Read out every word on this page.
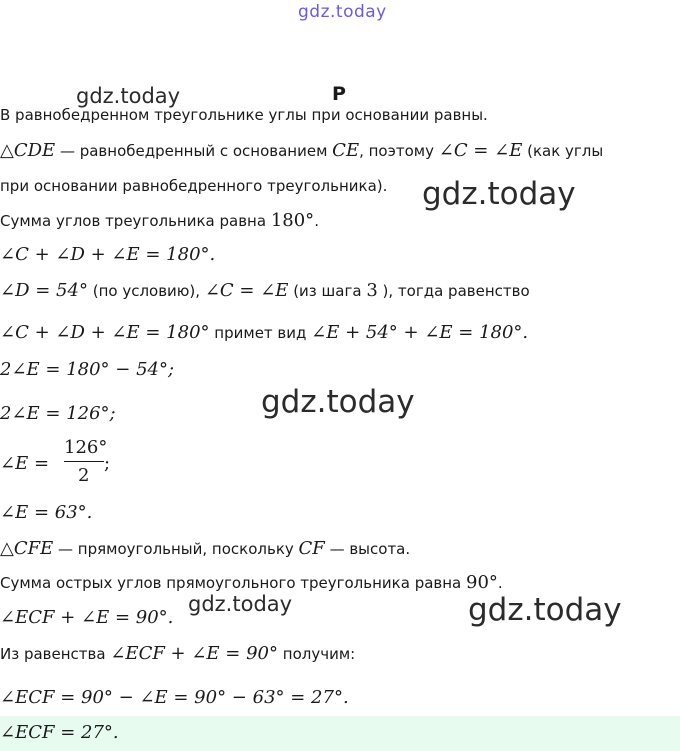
gdz.today
gdz.today
gdz.today
gdz.today
gdz.today	gdz.today
Р
В равнобедренном треугольнике углы при основании равны.
△CDE — равнобедренный с основанием CE, поэтому ∠C = ∠E (как углы
при основании равнобедренного треугольника).
Сумма углов треугольника равна 180°.
∠C + ∠D + ∠E = 180°.
∠D = 54° (по условию), ∠C = ∠E (из шага 3 ), тогда равенство
∠C + ∠D + ∠E = 180° примет вид ∠E + 54° + ∠E = 180°.
2∠E = 180° − 54°;
2∠E = 126°;
∠E =
126°
2
;
∠E = 63°.
△CFE — прямоугольный, поскольку CF — высота.
Сумма острых углов прямоугольного треугольника равна 90°.
∠ECF + ∠E = 90°.
Из равенства ∠ECF + ∠E = 90° получим:
∠ECF = 90° − ∠E = 90° − 63° = 27°.
∠ECF = 27°.
